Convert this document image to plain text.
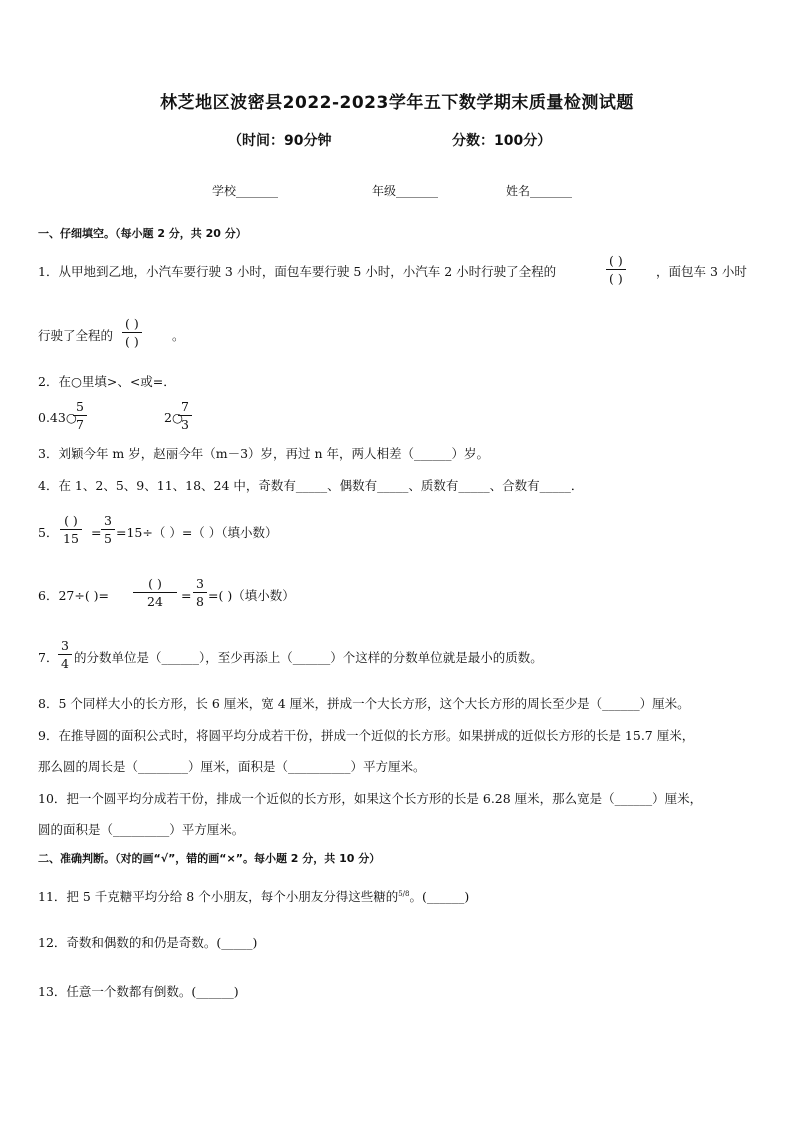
林芝地区波密县2022-2023学年五下数学期末质量检测试题
（时间：90分钟	分数：100分）
学校_______	年级_______	姓名_______
一、仔细填空。（每小题 2 分，共 20 分）
1．从甲地到乙地，小汽车要行驶 3 小时，面包车要行驶 5 小时，小汽车 2 小时行驶了全程的	$\frac{( )}{( )}$ ，面包车 3 小时
行驶了全程的 $\frac{( )}{( )}$ 。
2．在○里填>、<或=．
0.43○
$\frac{5}{7}$	2○
$\frac{7}{3}$
3．刘颖今年 m 岁，赵丽今年（m－3）岁，再过 n 年，两人相差（______）岁。
4．在 1、2、5、9、11、18、24 中，奇数有_____、偶数有_____、质数有_____、合数有_____．
5． $\frac{( )}{15} = \frac{3}{5} =15\div$（ ）=（ ）（填小数）
6．27÷( )= $\frac{( )}{24} = \frac{3}{8}$ =( )（填小数）
7． $\frac{3}{4}$ 的分数单位是（______），至少再添上（______）个这样的分数单位就是最小的质数。
8．5 个同样大小的长方形，长 6 厘米，宽 4 厘米，拼成一个大长方形，这个大长方形的周长至少是（______）厘米。
9．在推导圆的面积公式时，将圆平均分成若干份，拼成一个近似的长方形。如果拼成的近似长方形的长是 15.7 厘米，
那么圆的周长是（________）厘米，面积是（__________）平方厘米。
10．把一个圆平均分成若干份，排成一个近似的长方形，如果这个长方形的长是 6.28 厘米，那么宽是（______）厘米，
圆的面积是（_________）平方厘米。
二、准确判断。（对的画“√”，错的画“×”。每小题 2 分，共 10 分）
11．把 5 千克糖平均分给 8 个小朋友，每个小朋友分得这些糖的5/8。(______)
12．奇数和偶数的和仍是奇数。(_____)
13．任意一个数都有倒数。(______)
